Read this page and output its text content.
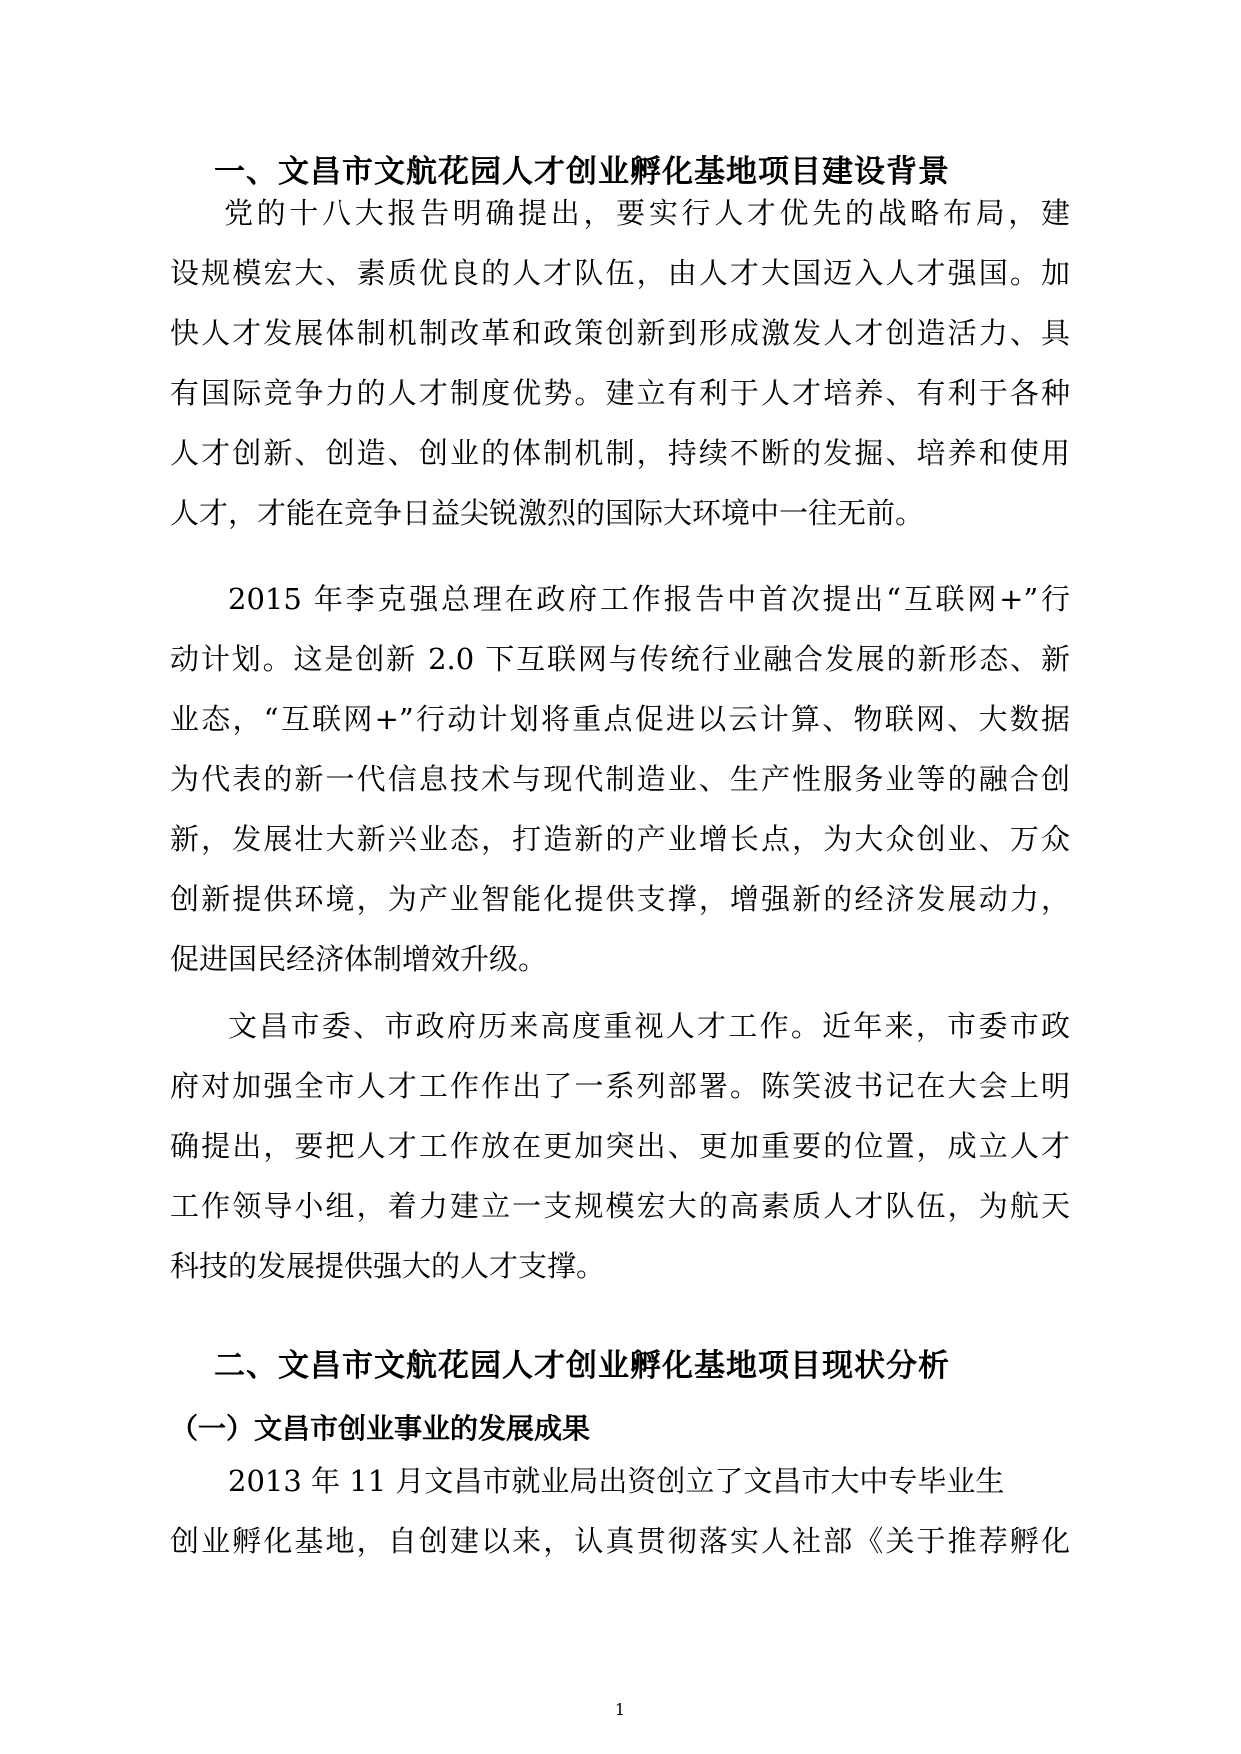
一、文昌市文航花园人才创业孵化基地项目建设背景
党的十八大报告明确提出，要实行人才优先的战略布局，建
设规模宏大、素质优良的人才队伍，由人才大国迈入人才强国。加
快人才发展体制机制改革和政策创新到形成激发人才创造活力、具
有国际竞争力的人才制度优势。建立有利于人才培养、有利于各种
人才创新、创造、创业的体制机制，持续不断的发掘、培养和使用
人才，才能在竞争日益尖锐激烈的国际大环境中一往无前。
2015 年李克强总理在政府工作报告中首次提出“互联网+”行
动计划。这是创新 2.0 下互联网与传统行业融合发展的新形态、新
业态，“互联网+”行动计划将重点促进以云计算、物联网、大数据
为代表的新一代信息技术与现代制造业、生产性服务业等的融合创
新，发展壮大新兴业态，打造新的产业增长点，为大众创业、万众
创新提供环境，为产业智能化提供支撑，增强新的经济发展动力，
促进国民经济体制增效升级。
文昌市委、市政府历来高度重视人才工作。近年来，市委市政
府对加强全市人才工作作出了一系列部署。陈笑波书记在大会上明
确提出，要把人才工作放在更加突出、更加重要的位置，成立人才
工作领导小组，着力建立一支规模宏大的高素质人才队伍，为航天
科技的发展提供强大的人才支撑。
二、文昌市文航花园人才创业孵化基地项目现状分析
（一）文昌市创业事业的发展成果
2013 年 11 月文昌市就业局出资创立了文昌市大中专毕业生
创业孵化基地，自创建以来，认真贯彻落实人社部《关于推荐孵化
1
